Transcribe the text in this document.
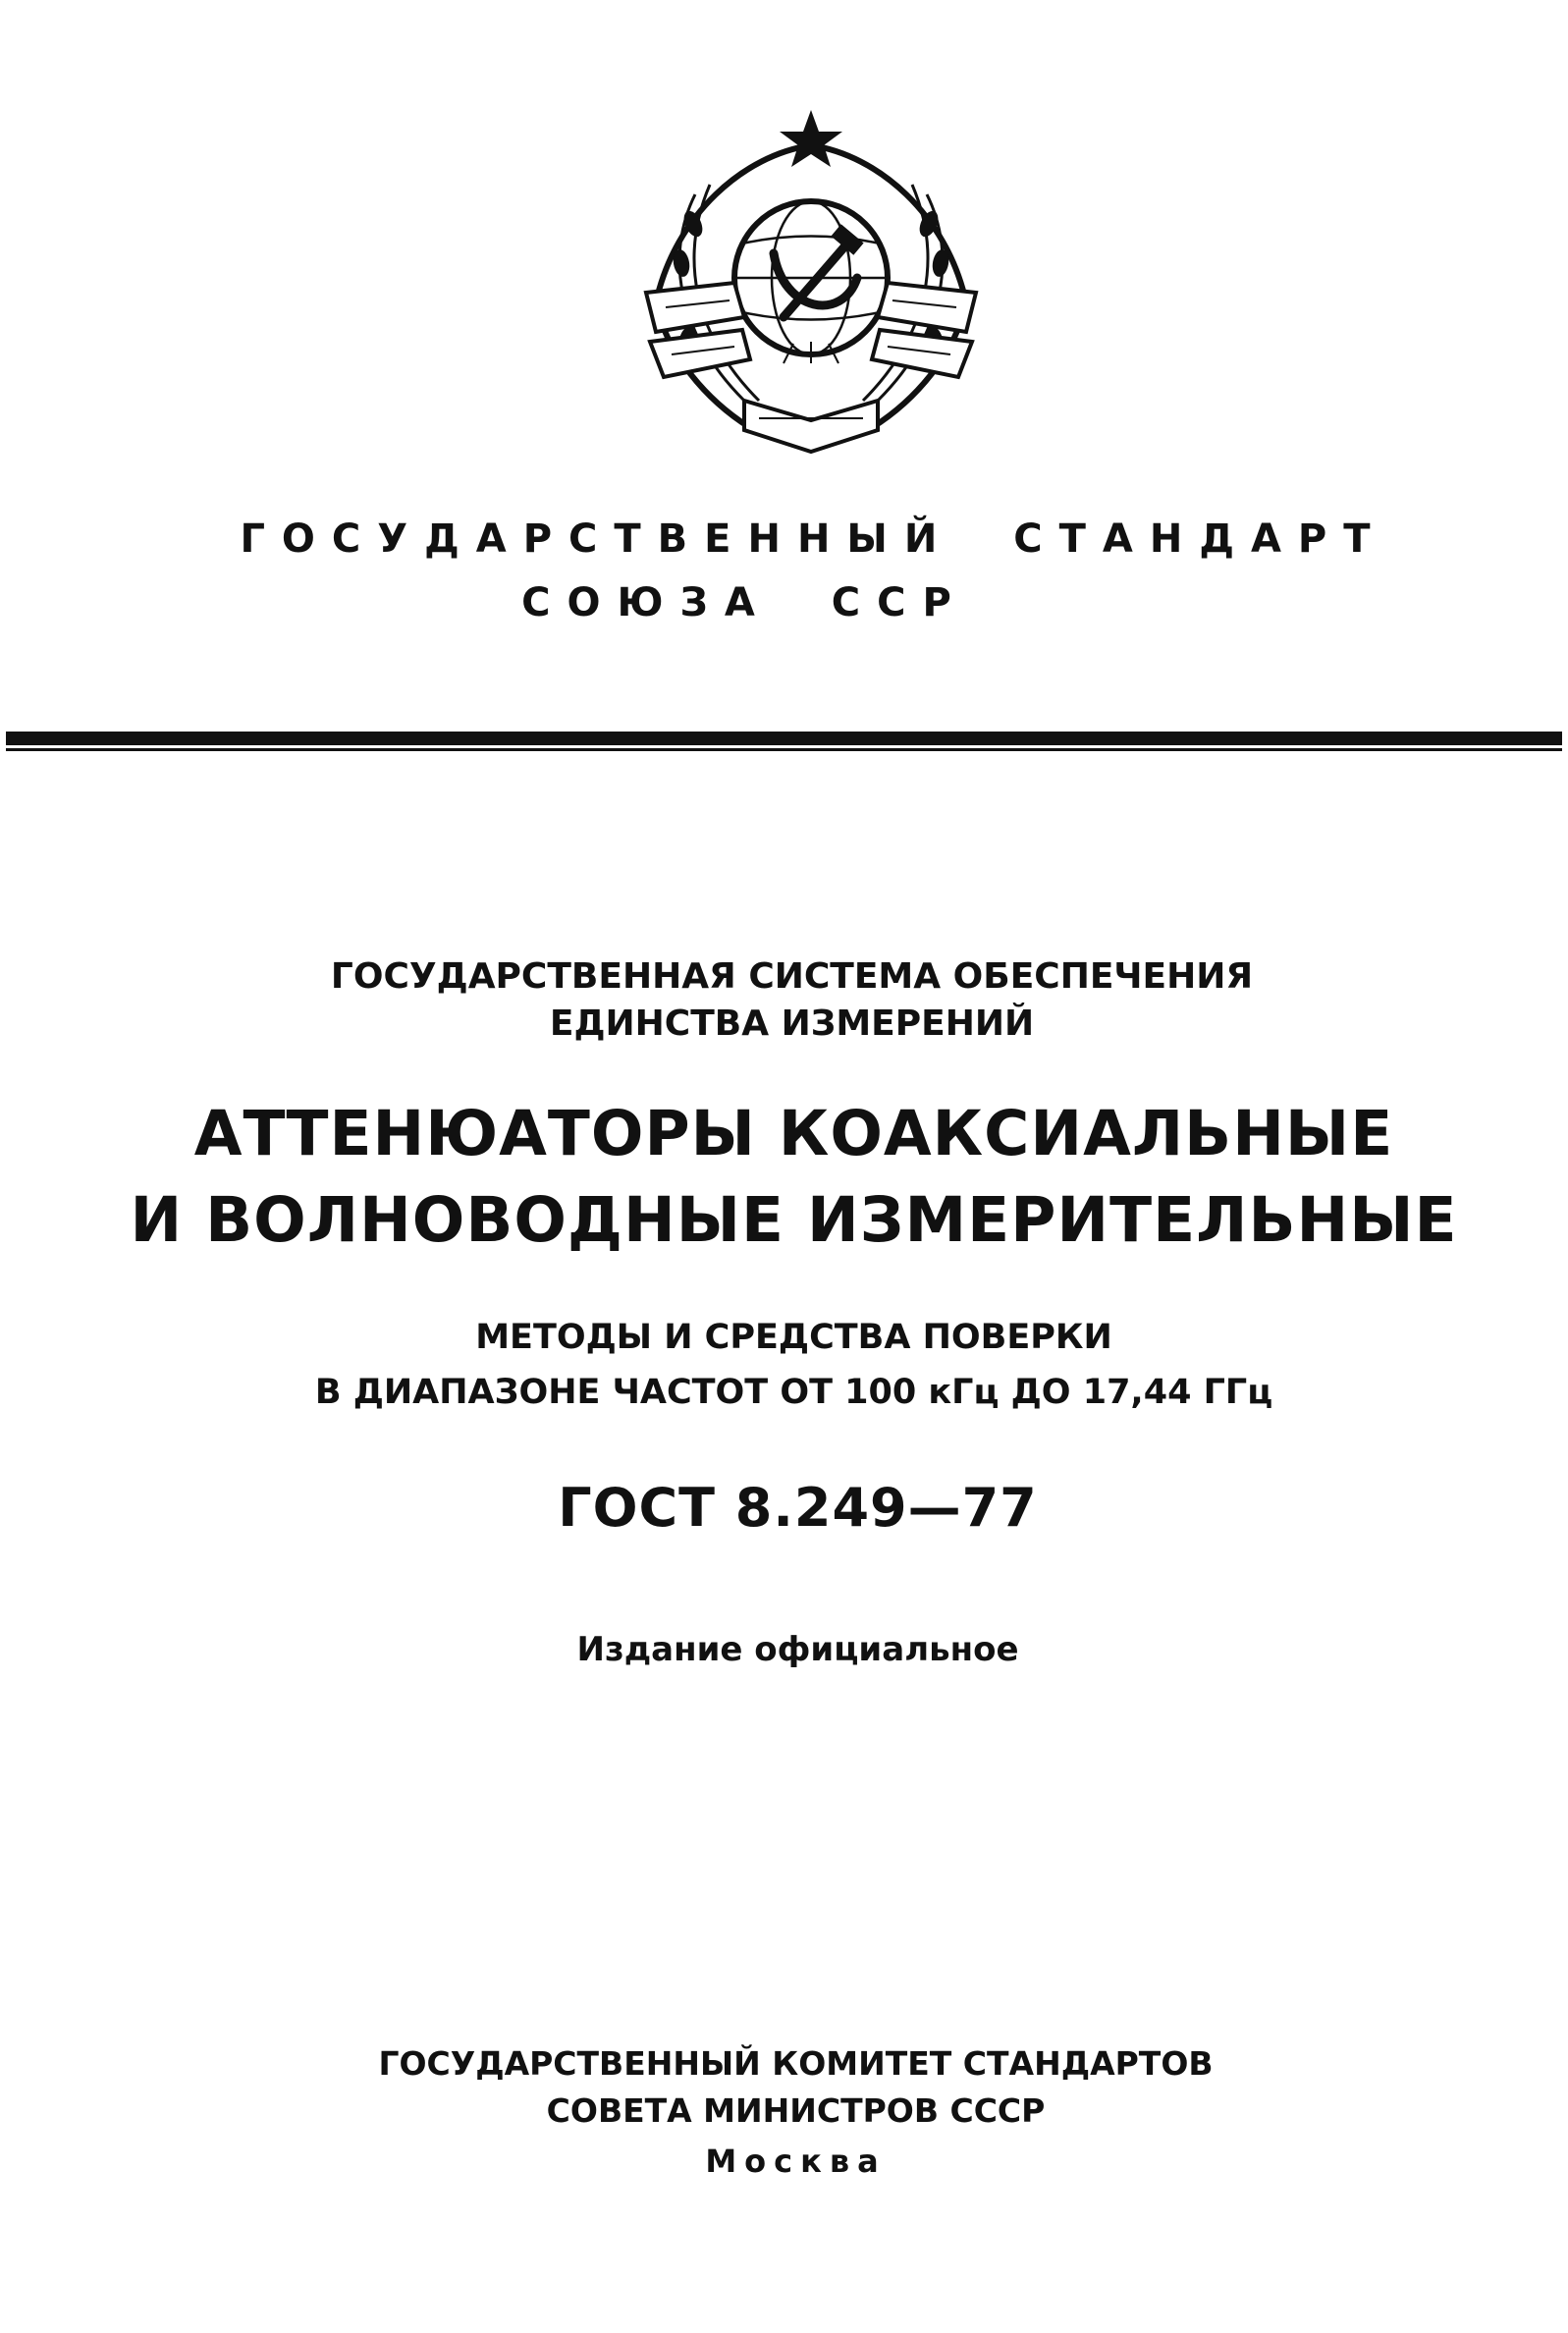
ГОСУДАРСТВЕННЫЙ СТАНДАРТ
СОЮЗА ССР
ГОСУДАРСТВЕННАЯ СИСТЕМА ОБЕСПЕЧЕНИЯ
ЕДИНСТВА ИЗМЕРЕНИЙ
АТТЕНЮАТОРЫ КОАКСИАЛЬНЫЕ
И ВОЛНОВОДНЫЕ ИЗМЕРИТЕЛЬНЫЕ
МЕТОДЫ И СРЕДСТВА ПОВЕРКИ
В ДИАПАЗОНЕ ЧАСТОТ ОТ 100 кГц ДО 17,44 ГГц
ГОСТ 8.249—77
Издание официальное
ГОСУДАРСТВЕННЫЙ КОМИТЕТ СТАНДАРТОВ
СОВЕТА МИНИСТРОВ СССР
Москва
